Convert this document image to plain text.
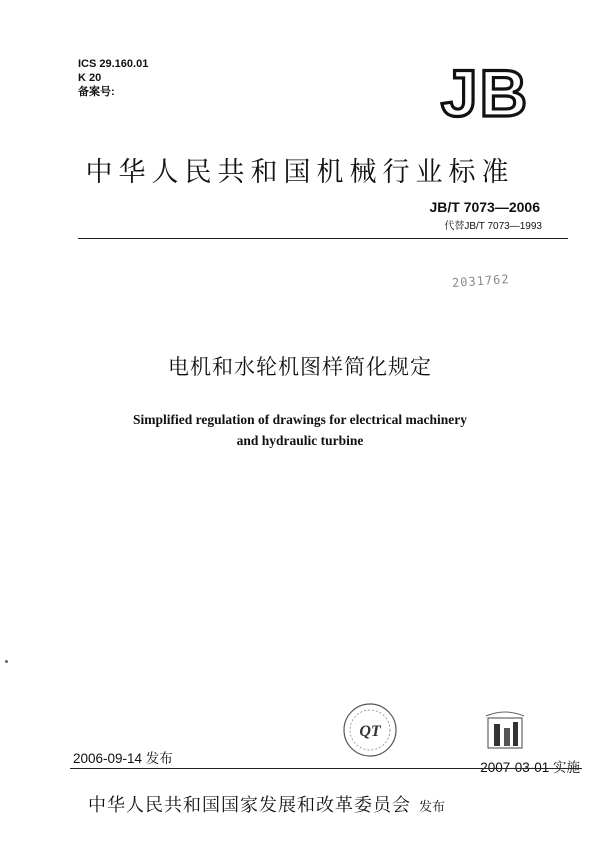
ICS 29.160.01
K 20
备案号:	JB
中华人民共和国机械行业标准
JB/T 7073—2006
代替JB/T 7073—1993
2031762
电机和水轮机图样简化规定
Simplified regulation of drawings for electrical machinery
and hydraulic turbine
QT
2006-09-14 发布
2007-03-01 实施
中华人民共和国国家发展和改革委员会 发布
